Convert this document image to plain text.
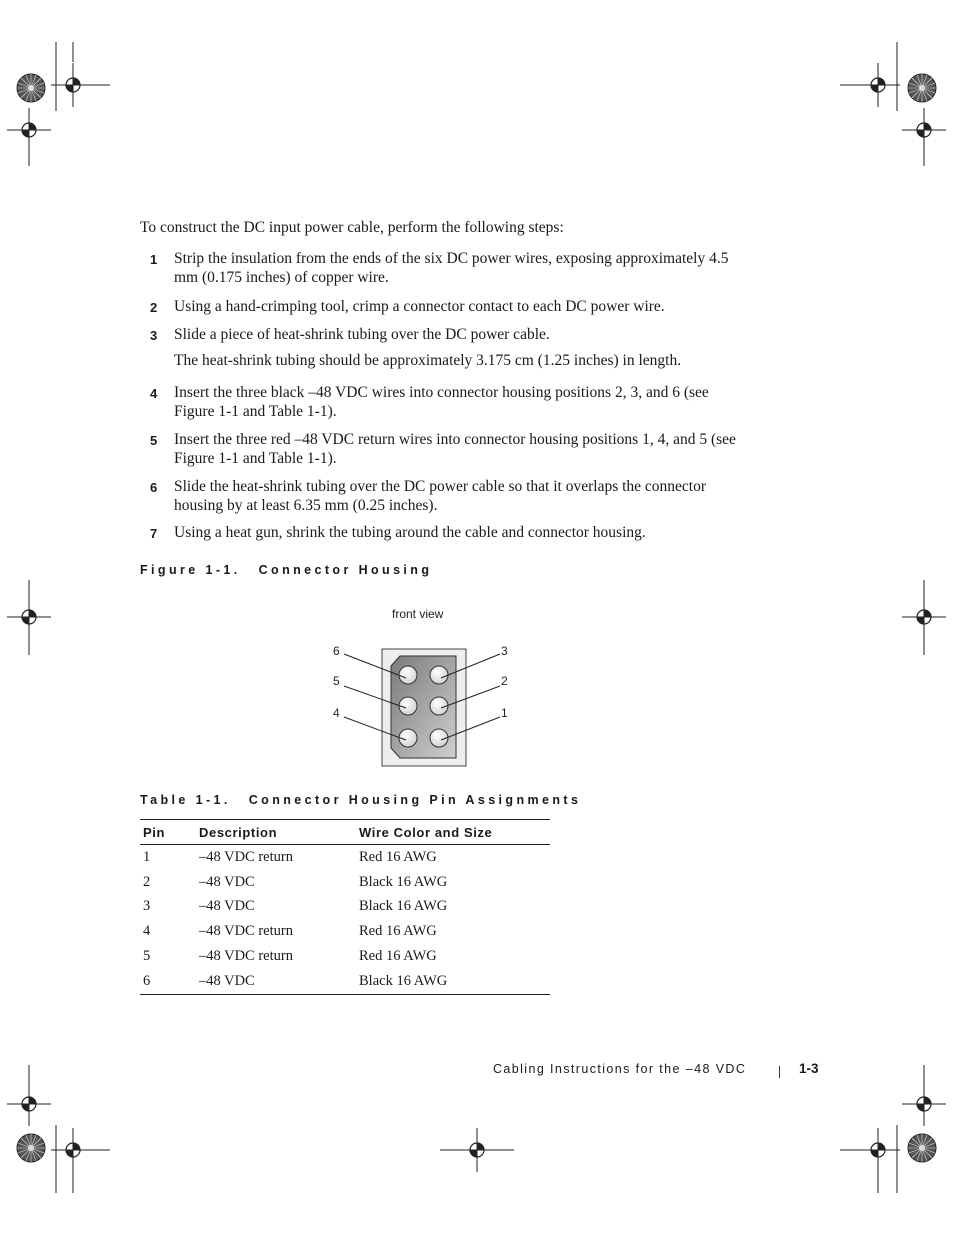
To construct the DC input power cable, perform the following steps:
1 Strip the insulation from the ends of the six DC power wires, exposing approximately 4.5 mm (0.175 inches) of copper wire.
2 Using a hand-crimping tool, crimp a connector contact to each DC power wire.
3 Slide a piece of heat-shrink tubing over the DC power cable.
The heat-shrink tubing should be approximately 3.175 cm (1.25 inches) in length.
4 Insert the three black –48 VDC wires into connector housing positions 2, 3, and 6 (see Figure 1-1 and Table 1-1).
5 Insert the three red –48 VDC return wires into connector housing positions 1, 4, and 5 (see Figure 1-1 and Table 1-1).
6 Slide the heat-shrink tubing over the DC power cable so that it overlaps the connector housing by at least 6.35 mm (0.25 inches).
7 Using a heat gun, shrink the tubing around the cable and connector housing.
Figure 1-1. Connector Housing
front view
6
5
4
3
2
1
Table 1-1. Connector Housing Pin Assignments
Pin	Description	Wire Color and Size
1	–48 VDC return	Red 16 AWG
2	–48 VDC	Black 16 AWG
3	–48 VDC	Black 16 AWG
4	–48 VDC return	Red 16 AWG
5	–48 VDC return	Red 16 AWG
6	–48 VDC	Black 16 AWG
Cabling Instructions for the –48 VDC	1-3
